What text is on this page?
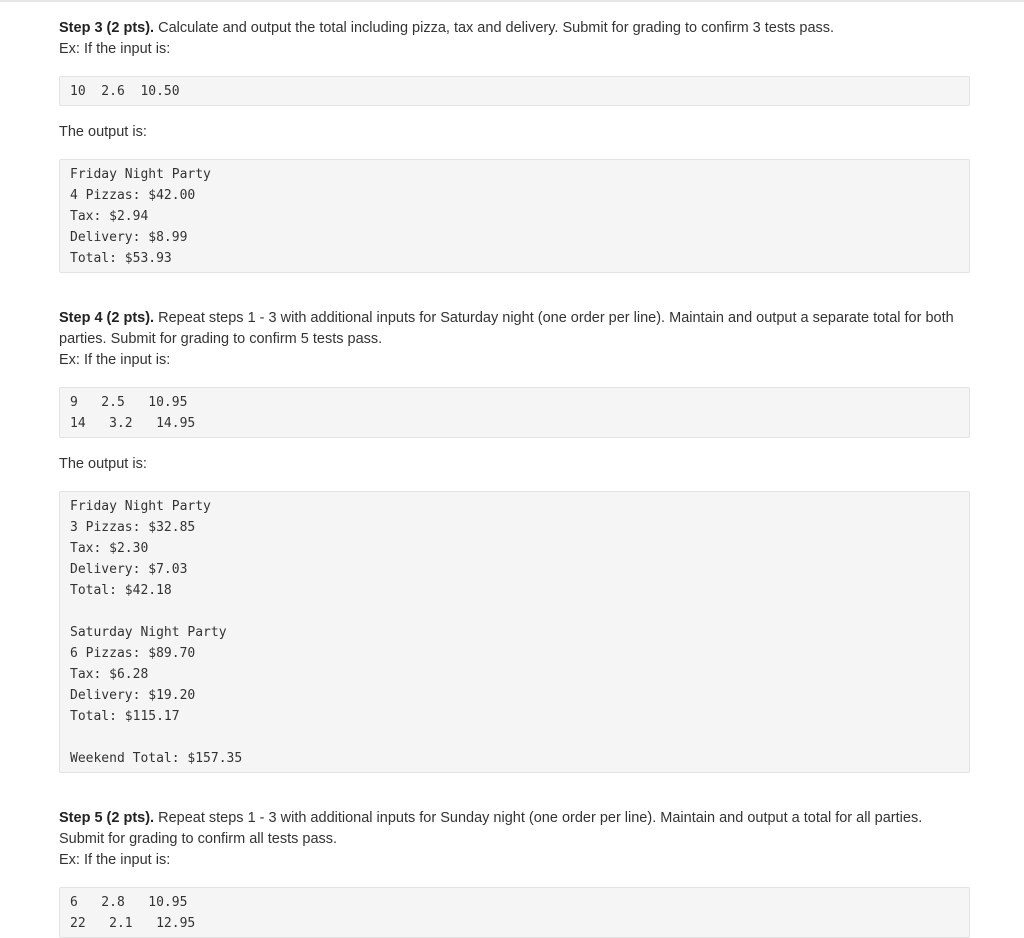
Step 3 (2 pts). Calculate and output the total including pizza, tax and delivery. Submit for grading to confirm 3 tests pass.

Ex: If the input is:

10  2.6  10.50

The output is:

Friday Night Party
4 Pizzas: $42.00
Tax: $2.94
Delivery: $8.99
Total: $53.93

Step 4 (2 pts). Repeat steps 1 - 3 with additional inputs for Saturday night (one order per line). Maintain and output a separate total for both
parties. Submit for grading to confirm 5 tests pass.

Ex: If the input is:

9   2.5   10.95
14   3.2   14.95

The output is:

Friday Night Party
3 Pizzas: $32.85
Tax: $2.30
Delivery: $7.03
Total: $42.18
Saturday Night Party
6 Pizzas: $89.70
Tax: $6.28
Delivery: $19.20
Total: $115.17
Weekend Total: $157.35

Step 5 (2 pts). Repeat steps 1 - 3 with additional inputs for Sunday night (one order per line). Maintain and output a total for all parties.
Submit for grading to confirm all tests pass.

Ex: If the input is:

6   2.8   10.95
22   2.1   12.95
